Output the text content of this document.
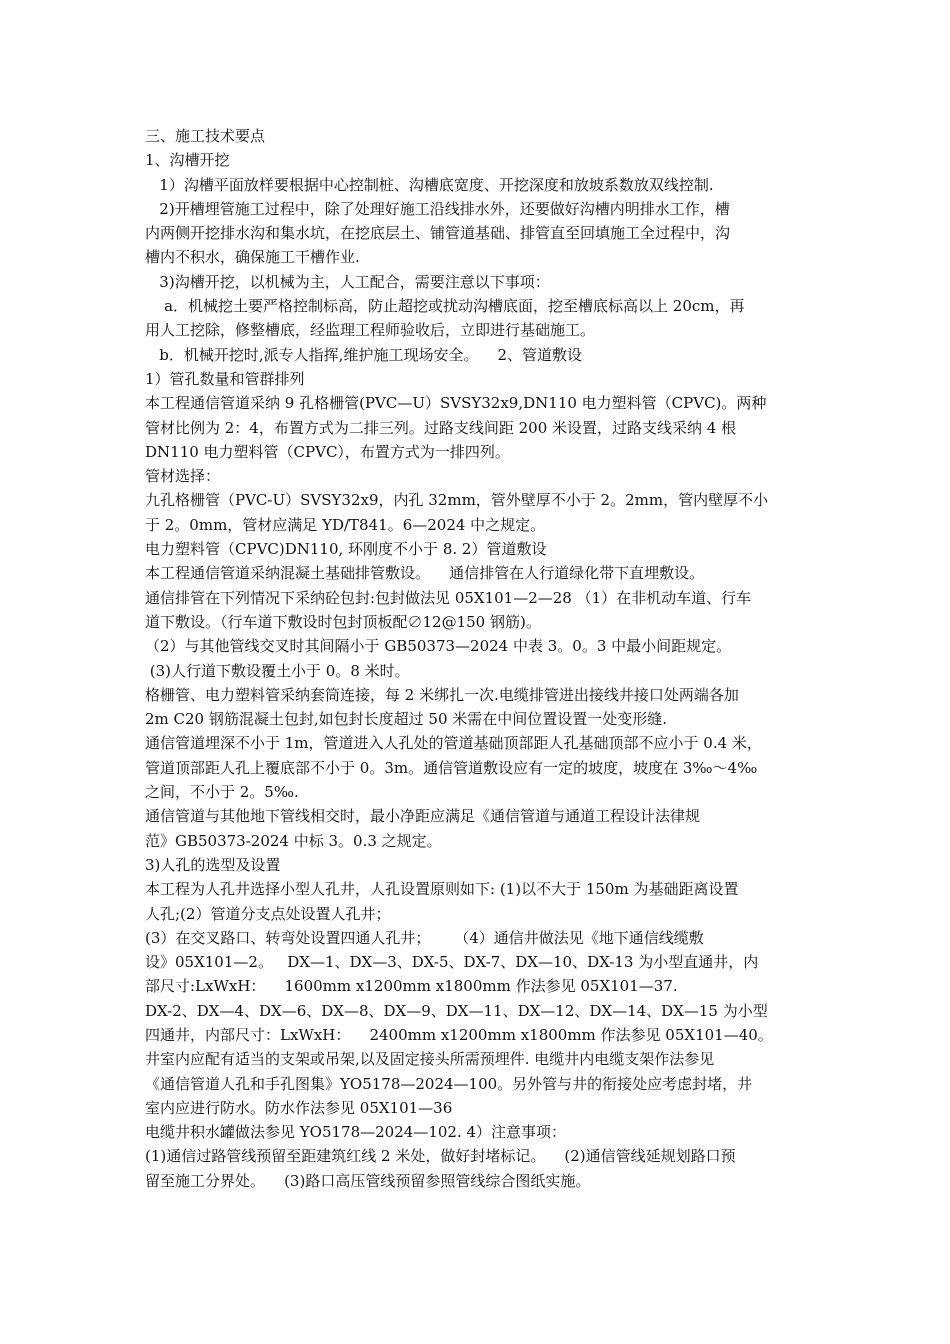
三、施工技术要点

1、沟槽开挖

1）沟槽平面放样要根据中心控制桩、沟槽底宽度、开挖深度和放坡系数放双线控制.

2)开槽埋管施工过程中，除了处理好施工沿线排水外，还要做好沟槽内明排水工作，槽

内两侧开挖排水沟和集水坑，在挖底层土、铺管道基础、排管直至回填施工全过程中，沟

槽内不积水，确保施工干槽作业.

3)沟槽开挖，以机械为主，人工配合，需要注意以下事项：

a．机械挖土要严格控制标高，防止超挖或扰动沟槽底面，挖至槽底标高以上 20cm，再

用人工挖除，修整槽底，经监理工程师验收后，立即进行基础施工。

b．机械开挖时,派专人指挥,维护施工现场安全。    2、管道敷设

1）管孔数量和管群排列

本工程通信管道采纳 9 孔格栅管(PVC—U）SVSY32x9,DN110 电力塑料管（CPVC)。两种

管材比例为 2：4，布置方式为二排三列。过路支线间距 200 米设置，过路支线采纳 4 根

DN110 电力塑料管（CPVC），布置方式为一排四列。

管材选择：

九孔格栅管（PVC-U）SVSY32x9，内孔 32mm，管外壁厚不小于 2。2mm，管内壁厚不小

于 2。0mm，管材应满足 YD/T841。6—2024 中之规定。

电力塑料管（CPVC)DN110, 环刚度不小于 8. 2）管道敷设

本工程通信管道采纳混凝土基础排管敷设。    通信排管在人行道绿化带下直埋敷设。

通信排管在下列情况下采纳砼包封:包封做法见 05X101—2—28 （1）在非机动车道、行车

道下敷设。（行车道下敷设时包封顶板配∅12@150 钢筋)。

（2）与其他管线交叉时其间隔小于 GB50373—2024 中表 3。0。3 中最小间距规定。

(3)人行道下敷设覆土小于 0。8 米时。

格栅管、电力塑料管采纳套筒连接，每 2 米绑扎一次.电缆排管进出接线井接口处两端各加

2m C20 钢筋混凝土包封,如包封长度超过 50 米需在中间位置设置一处变形缝.

通信管道埋深不小于 1m，管道进入人孔处的管道基础顶部距人孔基础顶部不应小于 0.4 米，

管道顶部距人孔上覆底部不小于 0。3m。通信管道敷设应有一定的坡度，坡度在 3‰～4‰

之间，不小于 2。5‰.

通信管道与其他地下管线相交时，最小净距应满足《通信管道与通道工程设计法律规

范》GB50373-2024 中标 3。0.3 之规定。

3)人孔的选型及设置

本工程为人孔井选择小型人孔井，人孔设置原则如下: (1)以不大于 150m 为基础距离设置

人孔;(2）管道分支点处设置人孔井；

(3）在交叉路口、转弯处设置四通人孔井；     （4）通信井做法见《地下通信线缆敷

设》05X101—2。   DX—1、DX—3、DX-5、DX-7、DX—10、DX-13 为小型直通井，内

部尺寸:LxWxH：    1600mm x1200mm x1800mm 作法参见 05X101—37.

DX-2、DX—4、DX—6、DX—8、DX—9、DX—11、DX—12、DX—14、DX—15 为小型

四通井，内部尺寸：LxWxH：    2400mm x1200mm x1800mm 作法参见 05X101—40。

井室内应配有适当的支架或吊架,以及固定接头所需预埋件. 电缆井内电缆支架作法参见

《通信管道人孔和手孔图集》YO5178—2024—100。另外管与井的衔接处应考虑封堵，井

室内应进行防水。防水作法参见 05X101—36

电缆井积水罐做法参见 YO5178—2024—102. 4）注意事项：

(1)通信过路管线预留至距建筑红线 2 米处，做好封堵标记。    (2)通信管线延规划路口预

留至施工分界处。    (3)路口高压管线预留参照管线综合图纸实施。
